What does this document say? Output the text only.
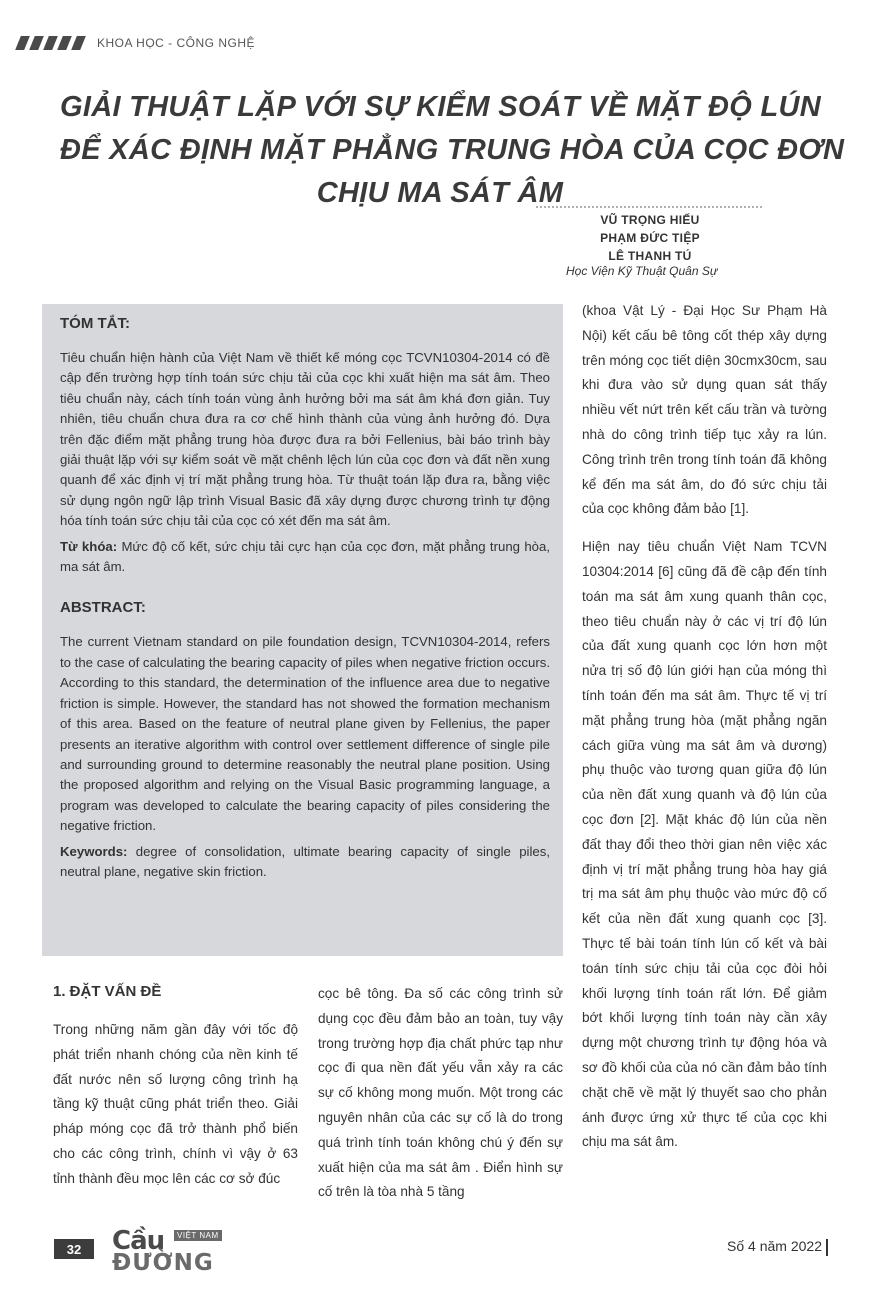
KHOA HỌC - CÔNG NGHỆ
GIẢI THUẬT LẶP VỚI SỰ KIỂM SOÁT VỀ MẶT ĐỘ LÚN
ĐỂ XÁC ĐỊNH MẶT PHẲNG TRUNG HÒA CỦA CỌC ĐƠN
CHỊU MA SÁT ÂM
VŨ TRỌNG HIẾU
PHẠM ĐỨC TIỆP
LÊ THANH TÚ
Học Viện Kỹ Thuật Quân Sự
TÓM TẮT:

Tiêu chuẩn hiện hành của Việt Nam về thiết kế móng cọc TCVN10304-2014 có đề cập đến trường hợp tính toán sức chịu tải của cọc khi xuất hiện ma sát âm. Theo tiêu chuẩn này, cách tính toán vùng ảnh hưởng bởi ma sát âm khá đơn giản. Tuy nhiên, tiêu chuẩn chưa đưa ra cơ chế hình thành của vùng ảnh hưởng đó. Dựa trên đặc điểm mặt phẳng trung hòa được đưa ra bởi Fellenius, bài báo trình bày giải thuật lặp với sự kiểm soát về mặt chênh lệch lún của cọc đơn và đất nền xung quanh để xác định vị trí mặt phẳng trung hòa. Từ thuật toán lặp đưa ra, bằng việc sử dụng ngôn ngữ lập trình Visual Basic đã xây dựng được chương trình tự động hóa tính toán sức chịu tải của cọc có xét đến ma sát âm.

Từ khóa: Mức độ cố kết, sức chịu tải cực hạn của cọc đơn, mặt phẳng trung hòa, ma sát âm.

ABSTRACT:

The current Vietnam standard on pile foundation design, TCVN10304-2014, refers to the case of calculating the bearing capacity of piles when negative friction occurs. According to this standard, the determination of the influence area due to negative friction is simple. However, the standard has not showed the formation mechanism of this area. Based on the feature of neutral plane given by Fellenius, the paper presents an iterative algorithm with control over settlement difference of single pile and surrounding ground to determine reasonably the neutral plane position. Using the proposed algorithm and relying on the Visual Basic programming language, a program was developed to calculate the bearing capacity of piles considering the negative friction.

Keywords: degree of consolidation, ultimate bearing capacity of single piles, neutral plane, negative skin friction.

1. ĐẶT VẤN ĐỀ

Trong những năm gần đây với tốc độ phát triển nhanh chóng của nền kinh tế đất nước nên số lượng công trình hạ tầng kỹ thuật cũng phát triển theo. Giải pháp móng cọc đã trở thành phổ biến cho các công trình, chính vì vậy ở 63 tỉnh thành đều mọc lên các cơ sở đúc

cọc bê tông. Đa số các công trình sử dụng cọc đều đảm bảo an toàn, tuy vậy trong trường hợp địa chất phức tạp như cọc đi qua nền đất yếu vẫn xảy ra các sự cố không mong muốn. Một trong các nguyên nhân của các sự cố là do trong quá trình tính toán không chú ý đến sự xuất hiện của ma sát âm . Điển hình sự cố trên là tòa nhà 5 tầng

(khoa Vật Lý - Đại Học Sư Phạm Hà Nội) kết cấu bê tông cốt thép xây dựng trên móng cọc tiết diện 30cmx30cm, sau khi đưa vào sử dụng quan sát thấy nhiều vết nứt trên kết cấu trần và tường nhà do công trình tiếp tục xảy ra lún. Công trình trên trong tính toán đã không kể đến ma sát âm, do đó sức chịu tải của cọc không đảm bảo [1].

Hiện nay tiêu chuẩn Việt Nam TCVN 10304:2014 [6] cũng đã đề cập đến tính toán ma sát âm xung quanh thân cọc, theo tiêu chuẩn này ở các vị trí độ lún của đất xung quanh cọc lớn hơn một nửa trị số độ lún giới hạn của móng thì tính toán đến ma sát âm. Thực tế vị trí mặt phẳng trung hòa (mặt phẳng ngăn cách giữa vùng ma sát âm và dương) phụ thuộc vào tương quan giữa độ lún của nền đất xung quanh và độ lún của cọc đơn [2]. Mặt khác độ lún của nền đất thay đổi theo thời gian nên việc xác định vị trí mặt phẳng trung hòa hay giá trị ma sát âm phụ thuộc vào mức độ cố kết của nền đất xung quanh cọc [3]. Thực tế bài toán tính lún cố kết và bài toán tính sức chịu tải của cọc đòi hỏi khối lượng tính toán rất lớn. Để giảm bớt khối lượng tính toán này cần xây dựng một chương trình tự động hóa và sơ đồ khối của của nó cần đảm bảo tính chặt chẽ về mặt lý thuyết sao cho phản ánh được ứng xử thực tế của cọc khi chịu ma sát âm.

32	Cầu	VIỆT NAM
ĐƯỜNG
Số 4 năm 2022
